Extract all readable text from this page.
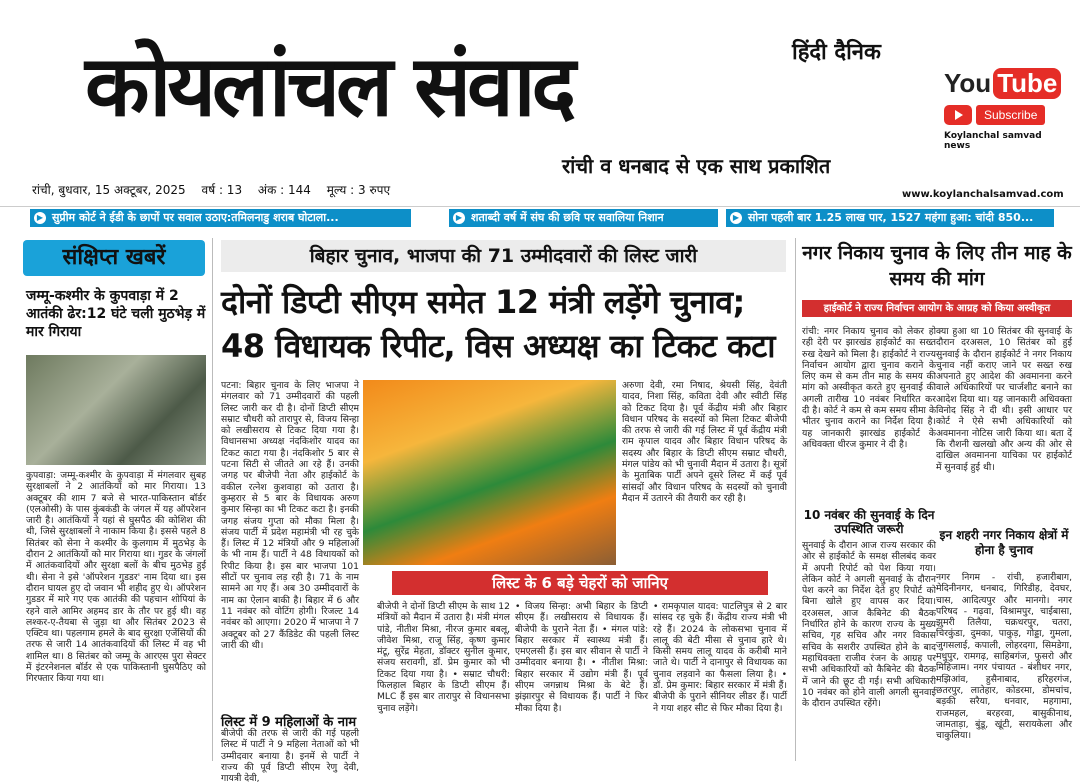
कोयलांचल संवाद	हिंदी दैनिक
रांची व धनबाद से एक साथ प्रकाशित
रांची, बुधवार, 15 अक्टूबर, 2025 वर्ष : 13 अंक : 144 मूल्य : 3 रुपए	www.koylanchalsamvad.com
You Tube
Subscribe
Koylanchal samvad news
▶ सुप्रीम कोर्ट ने ईडी के छापों पर सवाल उठाए:तमिलनाडु शराब घोटाला...	▶ शताब्दी वर्ष में संघ की छवि पर सवालिया निशान	▶ सोना पहली बार 1.25 लाख पार, 1527 महंगा हुआ: चांदी 850...
संक्षिप्त खबरें
जम्मू-कश्मीर के कुपवाड़ा में 2 आतंकी ढेर:12 घंटे चली मुठभेड़ में मार गिराया
कुपवाड़ा: जम्मू-कश्मीर के कुपवाड़ा में मंगलवार सुबह सुरक्षाबलों ने 2 आतंकियों को मार गिराया। 13 अक्टूबर की शाम 7 बजे से भारत-पाकिस्तान बॉर्डर (एलओसी) के पास कुंबकंडी के जंगल में यह ऑपरेशन जारी है। आतंकियों ने यहां से घुसपैठ की कोशिश की थी, जिसे सुरक्षाबलों ने नाकाम किया है। इससे पहले 8 सितंबर को सेना ने कश्मीर के कुलगाम में मुठभेड़ के दौरान 2 आतंकियों को मार गिराया था। गुडर के जंगलों में आतंकवादियों और सुरक्षा बलों के बीच मुठभेड़ हुई थी। सेना ने इसे 'ऑपरेशन गुडडर' नाम दिया था। इस दौरान घायल हुए दो जवान भी शहीद हुए थे। ऑपरेशन गुडडर में मारे गए एक आतंकी की पहचान शोपियां के रहने वाले आमिर अहमद डार के तौर पर हुई थी। वह लश्कर-ए-तैयबा से जुड़ा था और सितंबर 2023 से एक्टिव था। पहलगाम हमले के बाद सुरक्षा एजेंसियों की तरफ से जारी 14 आतंकवादियों की लिस्ट में वह भी शामिल था। 8 सितंबर को जम्मू के आरएस पुरा सेक्टर में इंटरनेशनल बॉर्डर से एक पाकिस्तानी घुसपैठिए को गिरफ्तार किया गया था।
बिहार चुनाव, भाजपा की 71 उम्मीदवारों की लिस्ट जारी
दोनों डिप्टी सीएम समेत 12 मंत्री लड़ेंगे चुनाव; 48 विधायक रिपीट, विस अध्यक्ष का टिकट कटा
पटना: बिहार चुनाव के लिए भाजपा ने मंगलवार को 71 उम्मीदवारों की पहली लिस्ट जारी कर दी है। दोनों डिप्टी सीएम सम्राट चौधरी को तारापुर से, विजय सिन्हा को लखीसराय से टिकट दिया गया है। विधानसभा अध्यक्ष नंदकिशोर यादव का टिकट काटा गया है। नंदकिशोर 5 बार से पटना सिटी से जीतते आ रहे हैं। उनकी जगह पर बीजेपी नेता और हाईकोर्ट के वकील रत्नेश कुशवाहा को उतारा है। कुम्हरार से 5 बार के विधायक अरुण कुमार सिन्हा का भी टिकट कटा है। इनकी जगह संजय गुप्ता को मौका मिला है। संजय पार्टी में प्रदेश महामंत्री भी रह चुके हैं। लिस्ट में 12 मंत्रियों और 9 महिलाओं के भी नाम हैं। पार्टी ने 48 विधायकों को रिपीट किया है। इस बार भाजपा 101 सीटों पर चुनाव लड़ रही है। 71 के नाम सामने आ गए हैं। अब 30 उम्मीदवारों के नाम का ऐलान बाकी है। बिहार में 6 और 11 नवंबर को वोटिंग होगी। रिजल्ट 14 नवंबर को आएगा। 2020 में भाजपा ने 7 अक्टूबर को 27 कैंडिडेट की पहली लिस्ट जारी की थी।
अरुणा देवी, रमा निषाद, श्रेयसी सिंह, देवंती यादव, निशा सिंह, कविता देवी और स्वीटी सिंह को टिकट दिया है। पूर्व केंद्रीय मंत्री और बिहार विधान परिषद के सदस्यों को मिला टिकट बीजेपी की तरफ से जारी की गई लिस्ट में पूर्व केंद्रीय मंत्री राम कृपाल यादव और बिहार विधान परिषद के सदस्य और बिहार के डिप्टी सीएम सम्राट चौधरी, मंगल पांडेय को भी चुनावी मैदान में उतारा है। सूत्रों के मुताबिक पार्टी अपने दूसरे लिस्ट में कई पूर्व सांसदों और विधान परिषद के सदस्यों को चुनावी मैदान में उतारने की तैयारी कर रही है।
लिस्ट के 6 बड़े चेहरों को जानिए
लिस्ट में 9 महिलाओं के नाम
बीजेपी की तरफ से जारी की गई पहली लिस्ट में पार्टी ने 9 महिला नेताओं को भी उम्मीदवार बनाया है। इनमें से पार्टी ने राज्य की पूर्व डिप्टी सीएम रेणु देवी, गायत्री देवी,
बीजेपी ने दोनों डिप्टी सीएम के साथ 12 मंत्रियों को मैदान में उतारा है। मंत्री मंगल पांडे, नीतीश मिश्रा, नीरज कुमार बबलू, जीवेश मिश्रा, राजू सिंह, कृष्ण कुमार मंटू, सुरेंद्र मेहता, डॉक्टर सुनील कुमार, संजय सरावगी, डॉ. प्रेम कुमार को भी टिकट दिया गया है। • सम्राट चौधरी: फिलहाल बिहार के डिप्टी सीएम हैं। MLC हैं इस बार तारापुर से विधानसभा चुनाव लड़ेंगे।
• विजय सिन्हा: अभी बिहार के डिप्टी सीएम हैं। लखीसराय से विधायक हैं। बीजेपी के पुराने नेता हैं। • मंगल पांडे: बिहार सरकार में स्वास्थ्य मंत्री हैं। एमएलसी हैं। इस बार सीवान से पार्टी ने उम्मीदवार बनाया है। • नीतीश मिश्रा: बिहार सरकार में उद्योग मंत्री हैं। पूर्व सीएम जगन्नाथ मिश्रा के बेटे हैं। झंझारपुर से विधायक हैं। पार्टी ने फिर मौका दिया है।
• रामकृपाल यादव: पाटलिपुत्र से 2 बार सांसद रह चुके हैं। केंद्रीय राज्य मंत्री भी रहे हैं। 2024 के लोकसभा चुनाव में लालू की बेटी मीसा से चुनाव हारे थे। किसी समय लालू यादव के करीबी माने जाते थे। पार्टी ने दानापुर से विधायक का चुनाव लड़वाने का फैसला लिया है। • डॉ. प्रेम कुमार: बिहार सरकार में मंत्री हैं। बीजेपी के पुराने सीनियर लीडर हैं। पार्टी ने गया शहर सीट से फिर मौका दिया है।
नगर निकाय चुनाव के लिए तीन माह के समय की मांग
हाईकोर्ट ने राज्य निर्वाचन आयोग के आग्रह को किया अस्वीकृत
रांची: नगर निकाय चुनाव को लेकर हो रही देरी पर झारखंड हाईकोर्ट का सख्त रुख देखने को मिला है। हाईकोर्ट ने राज्य निर्वाचन आयोग द्वारा चुनाव कराने के लिए कम से कम तीन माह के समय की मांग को अस्वीकृत करते हुए सुनवाई की अगली तारीख 10 नवंबर निर्धारित कर दी है। कोर्ट ने कम से कम समय सीमा के भीतर चुनाव कराने का निर्देश दिया है। यह जानकारी झारखंड हाईकोर्ट के अधिवक्ता धीरज कुमार ने दी है।
क्या हुआ था 10 सितंबर की सुनवाई के दौरान दरअसल, 10 सितंबर को हुई सुनवाई के दौरान हाईकोर्ट ने नगर निकाय चुनाव नहीं कराए जाने पर सख्त रुख अपनाते हुए आदेश की अवमानना करने वाले अधिकारियों पर चार्जशीट बनाने का आदेश दिया था। यह जानकारी अधिवक्ता विनोद सिंह ने दी थी। इसी आधार पर कोर्ट ने ऐसे सभी अधिकारियों को अवमानना नोटिस जारी किया था। बता दें कि रौशनी खलखो और अन्य की ओर से दाखिल अवमानना याचिका पर हाईकोर्ट में सुनवाई हुई थी।
10 नवंबर की सुनवाई के दिन उपस्थिति जरूरी
सुनवाई के दौरान आज राज्य सरकार की ओर से हाईकोर्ट के समक्ष सीलबंद कवर में अपनी रिपोर्ट को पेश किया गया। लेकिन कोर्ट ने अगली सुनवाई के दौरान पेश करने का निर्देश देते हुए रिपोर्ट को बिना खोले हुए वापस कर दिया। दरअसल, आज कैबिनेट की बैठक निर्धारित होने के कारण राज्य के मुख्य सचिव, गृह सचिव और नगर विकास सचिव के सशरीर उपस्थित होने के बाद महाधिवक्ता राजीव रंजन के आग्रह पर सभी अधिकारियों को कैबिनेट की बैठक में जाने की छूट दी गई। सभी अधिकारी 10 नवंबर को होने वाली अगली सुनवाई के दौरान उपस्थित रहेंगे।
इन शहरी नगर निकाय क्षेत्रों में होना है चुनाव
नगर निगम - रांची, हजारीबाग, मेदिनीनगर, धनबाद, गिरिडीह, देवघर, चास, आदित्यपुर और मानगो। नगर परिषद - गढ़वा, विश्रामपुर, चाईबासा, झुमरी तिलैया, चक्रधरपुर, चतरा, चिरकुंडा, दुमका, पाकुड़, गोड्डा, गुमला, जुगसलाई, कपाली, लोहरदगा, सिमडेगा, मधुपुर, रामगढ़, साहिबगंज, फुसरो और मिहिजाम। नगर पंचायत - बंशीधर नगर, मझिआंव, हुसैनाबाद, हरिहरगंज, छतरपुर, लातेहार, कोडरमा, डोमचांच, बड़की सरैया, धनवार, महगामा, राजमहल, बरहरवा, बासुकीनाथ, जामताड़ा, बुंडू, खूंटी, सरायकेला और चाकुलिया।
